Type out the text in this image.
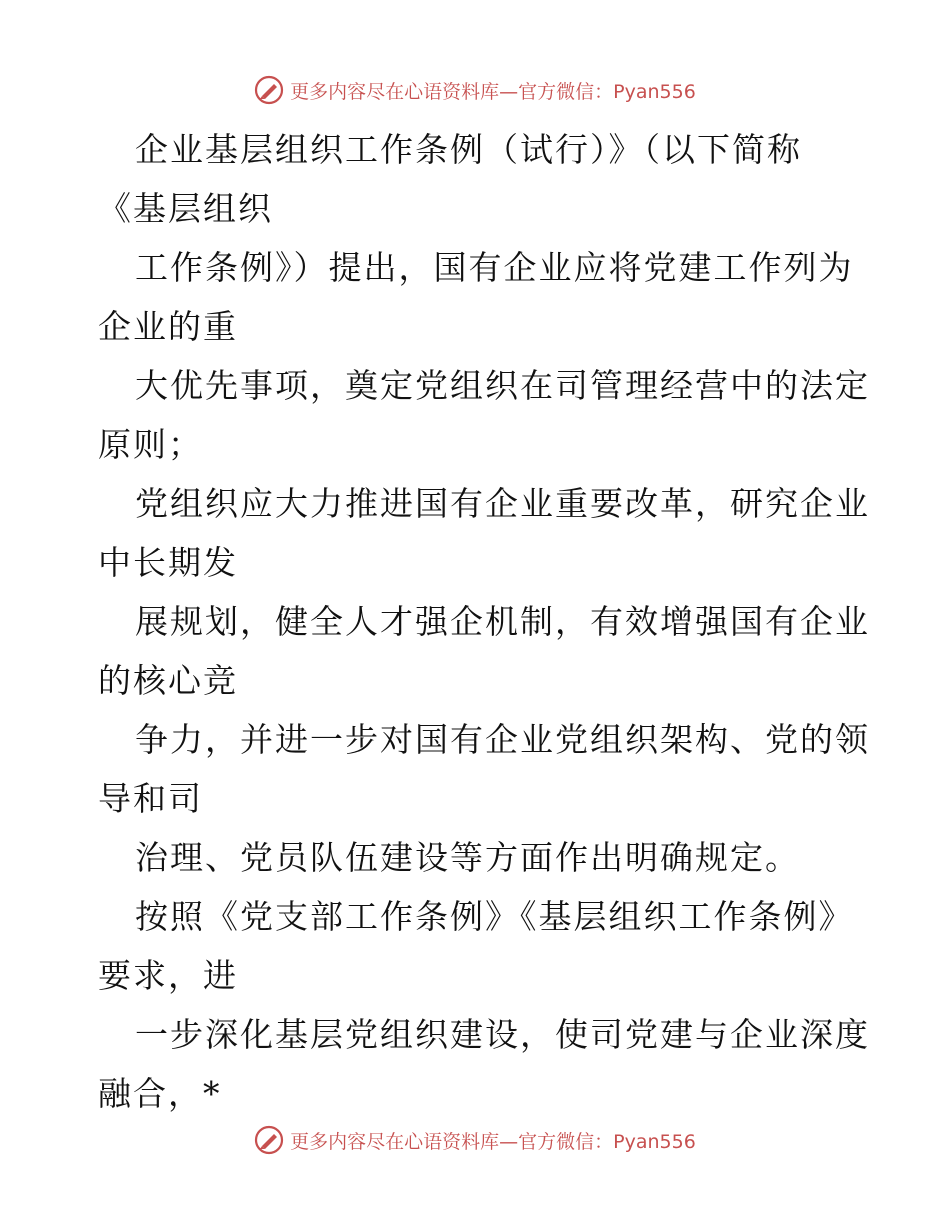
更多内容尽在心语资料库—官方微信：Pyan556
企业基层组织工作条例（试行）》（以下简称
《基层组织
工作条例》）提出，国有企业应将党建工作列为
企业的重
大优先事项，奠定党组织在司管理经营中的法定
原则；
党组织应大力推进国有企业重要改革，研究企业
中长期发
展规划，健全人才强企机制，有效增强国有企业
的核心竞
争力，并进一步对国有企业党组织架构、党的领
导和司
治理、党员队伍建设等方面作出明确规定。
按照《党支部工作条例》《基层组织工作条例》
要求，进
一步深化基层党组织建设，使司党建与企业深度
融合，*
更多内容尽在心语资料库—官方微信：Pyan556
